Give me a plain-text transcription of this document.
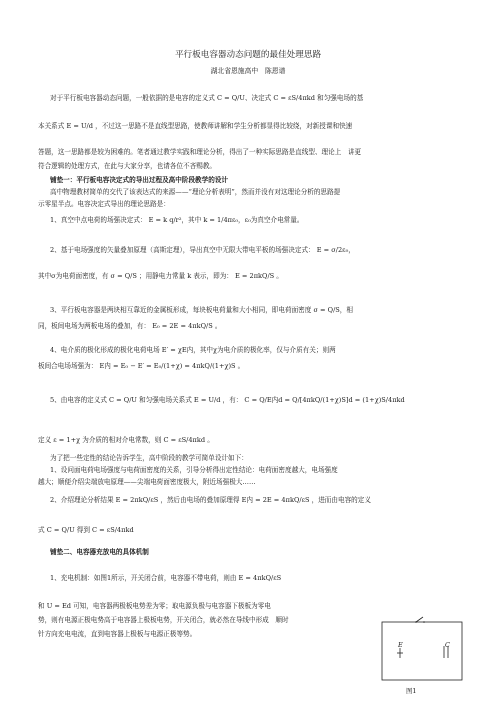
平行板电容器动态问题的最佳处理思路
湖北省恩施高中　陈恩谱
对于平行板电容器动态问题，一般依据的是电容的定义式 C = Q/U、决定式 C = εS/4πkd 和匀强电场的基
本关系式 E = U/d ，不过这一思路不是直线型思路，使教师讲解和学生分析都显得比较绕，对新授课和快速
答题，这一思路都是较为困难的。笔者通过教学实践和理论分析，得出了一种实际思路是直线型、理论上　讲更
符合逻辑的处理方式，在此与大家分享，也请各位不吝赐教。
铺垫一：平行板电容决定式的导出过程及高中阶段教学的设计
高中物理教材简单的交代了该表达式的来源——“理论分析表明”，然而并没有对这理论分析的思路提
示零星半点。电容决定式导出的理论思路是：
1、真空中点电荷的场强决定式： E = k q/r²，其中 k = 1/4πε₀，ε₀为真空介电常量。
2、基于电场强度的矢量叠加原理（高斯定理），导出真空中无限大带电平板的场强决定式： E = σ/2ε₀，
其中σ为电荷面密度，有 σ = Q/S ；用静电力常量 k 表示，即为： E = 2πkQ/S 。
3、平行板电容器是两块相互靠近的金属板形成，每块板电荷量和大小相同，即电荷面密度 σ = Q/S，相
同，板间电场为两板电场的叠加，有： E₀ = 2E = 4πkQ/S 。
4、电介质的极化形成的极化电荷电场 E′ = χE内，其中χ为电介质的极化率，仅与介质有关；则两
板间合电场场强为： E内 = E₀ − E′ = E₀/(1+χ) = 4πkQ/(1+χ)S 。
5、由电容的定义式 C = Q/U 和匀强电场关系式 E = U/d ，有： C = Q/E内d = Q/[4πkQ/(1+χ)S]d = (1+χ)S/4πkd
定义 ε = 1+χ 为介质的相对介电常数，则 C = εS/4πkd 。
为了把一些定性的结论告诉学生，高中阶段的教学可简单设计如下：
1、设问面电荷电场强度与电荷面密度的关系，引导分析得出定性结论：电荷面密度越大，电场强度
越大；顺便介绍尖端放电原理——尖端电荷面密度极大，附近场强极大……
2、介绍理论分析结果 E = 2πkQ/εS ，然后由电场的叠加原理得 E内 = 2E = 4πkQ/εS ，进而由电容的定义
式 C = Q/U 得到 C = εS/4πkd
铺垫二、电容器充放电的具体机制
1、充电机制：如图1所示，开关闭合前，电容器不带电荷，则由 E = 4πkQ/εS
和 U = Ed 可知，电容器两极板电势差为零；取电源负极与电容器下极板为零电
势，则有电源正极电势高于电容器上极板电势，开关闭合，就必然在导线中形成　顺时
针方向充电电流，直到电容器上极板与电源正极等势。
E	C
图1
